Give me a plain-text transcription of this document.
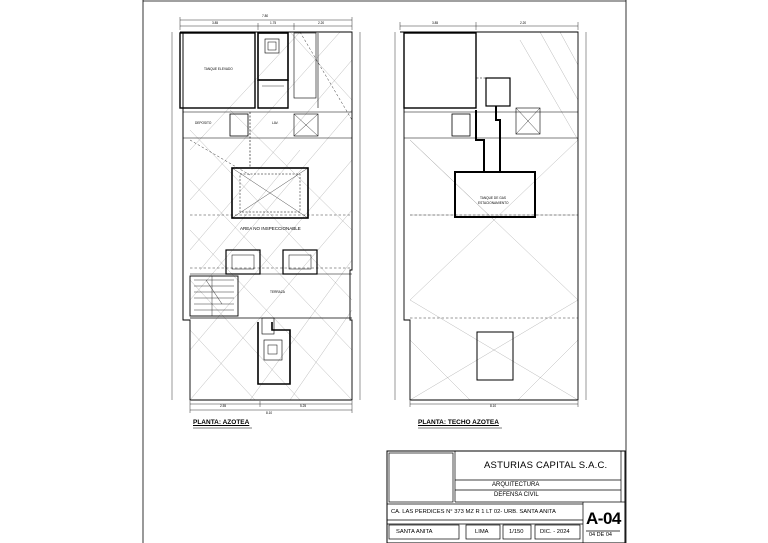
PLANTA: AZOTEA
TANQUE ELEVADO
DEPOSITO	LAV.
AREA NO INSPECCIONABLE
TERRAZA
7.80
3.85	1.75	2.20
2.55	5.25
8.10
PLANTA: TECHO AZOTEA
TANQUE DE GAS
ESTACIONAMIENTO
3.85	2.20
8.10
ASTURIAS CAPITAL S.A.C.
ARQUITECTURA
DEFENSA CIVIL
CA. LAS PERDICES N° 373 MZ R 1 LT 02- URB. SANTA ANITA
SANTA ANITA	LIMA	1/150	DIC. - 2024
A-04
04 DE 04
